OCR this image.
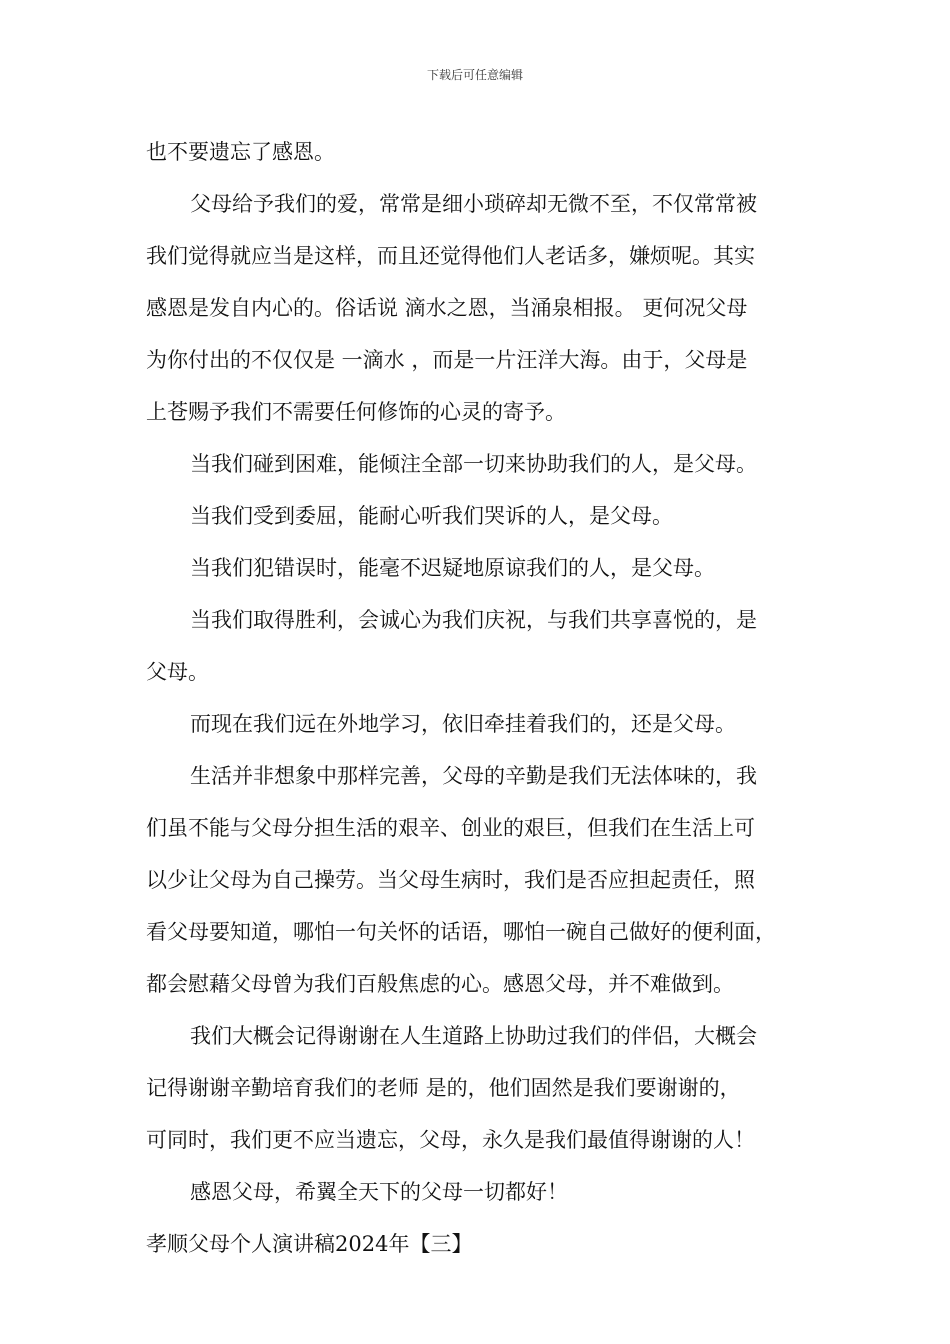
下载后可任意编辑
也不要遗忘了感恩。
父母给予我们的爱，常常是细小琐碎却无微不至，不仅常常被
我们觉得就应当是这样，而且还觉得他们人老话多，嫌烦呢。其实
感恩是发自内心的。俗话说 滴水之恩，当涌泉相报。 更何况父母
为你付出的不仅仅是 一滴水 ，而是一片汪洋大海。由于，父母是
上苍赐予我们不需要任何修饰的心灵的寄予。
当我们碰到困难，能倾注全部一切来协助我们的人，是父母。
当我们受到委屈，能耐心听我们哭诉的人，是父母。
当我们犯错误时，能毫不迟疑地原谅我们的人，是父母。
当我们取得胜利，会诚心为我们庆祝，与我们共享喜悦的，是
父母。
而现在我们远在外地学习，依旧牵挂着我们的，还是父母。
生活并非想象中那样完善，父母的辛勤是我们无法体味的，我
们虽不能与父母分担生活的艰辛、创业的艰巨，但我们在生活上可
以少让父母为自己操劳。当父母生病时，我们是否应担起责任，照
看父母要知道，哪怕一句关怀的话语，哪怕一碗自己做好的便利面，
都会慰藉父母曾为我们百般焦虑的心。感恩父母，并不难做到。
我们大概会记得谢谢在人生道路上协助过我们的伴侣，大概会
记得谢谢辛勤培育我们的老师 是的，他们固然是我们要谢谢的，
可同时，我们更不应当遗忘，父母，永久是我们最值得谢谢的人！
感恩父母，希翼全天下的父母一切都好！
孝顺父母个人演讲稿2024年【三】
